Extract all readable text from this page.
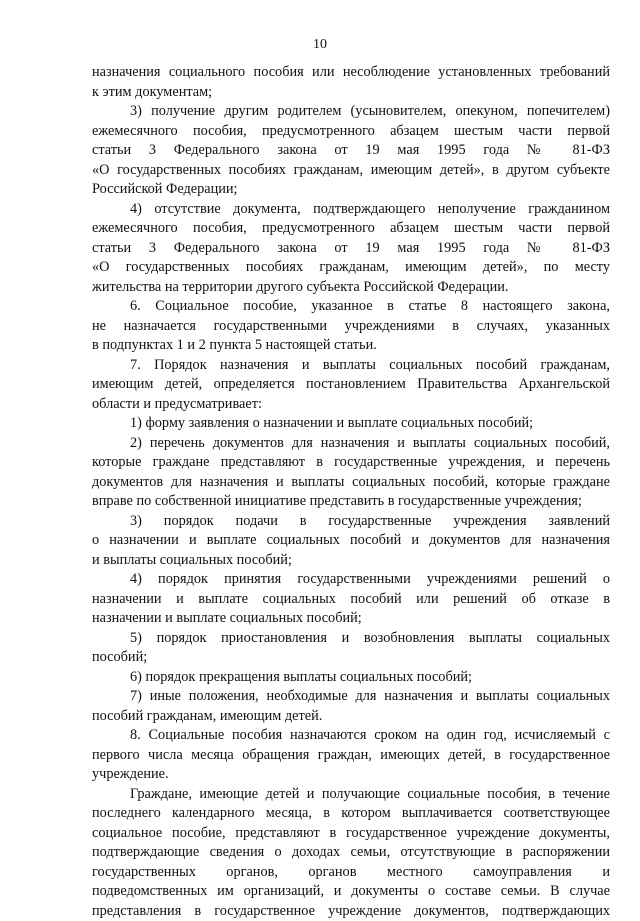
10
назначения социального пособия или несоблюдение установленных требований
к этим документам;
3) получение другим родителем (усыновителем, опекуном, попечителем)
ежемесячного пособия, предусмотренного абзацем шестым части первой
статьи 3 Федерального закона от 19 мая 1995 года № 81-ФЗ
«О государственных пособиях гражданам, имеющим детей», в другом субъекте
Российской Федерации;
4) отсутствие документа, подтверждающего неполучение гражданином
ежемесячного пособия, предусмотренного абзацем шестым части первой
статьи 3 Федерального закона от 19 мая 1995 года № 81-ФЗ
«О государственных пособиях гражданам, имеющим детей», по месту
жительства на территории другого субъекта Российской Федерации.
6. Социальное пособие, указанное в статье 8 настоящего закона,
не назначается государственными учреждениями в случаях, указанных
в подпунктах 1 и 2 пункта 5 настоящей статьи.
7. Порядок назначения и выплаты социальных пособий гражданам,
имеющим детей, определяется постановлением Правительства Архангельской
области и предусматривает:
1) форму заявления о назначении и выплате социальных пособий;
2) перечень документов для назначения и выплаты социальных пособий,
которые граждане представляют в государственные учреждения, и перечень
документов для назначения и выплаты социальных пособий, которые граждане
вправе по собственной инициативе представить в государственные учреждения;
3) порядок подачи в государственные учреждения заявлений
о назначении и выплате социальных пособий и документов для назначения
и выплаты социальных пособий;
4) порядок принятия государственными учреждениями решений о
назначении и выплате социальных пособий или решений об отказе в
назначении и выплате социальных пособий;
5) порядок приостановления и возобновления выплаты социальных
пособий;
6) порядок прекращения выплаты социальных пособий;
7) иные положения, необходимые для назначения и выплаты социальных
пособий гражданам, имеющим детей.
8. Социальные пособия назначаются сроком на один год, исчисляемый с
первого числа месяца обращения граждан, имеющих детей, в государственное
учреждение.
Граждане, имеющие детей и получающие социальные пособия, в течение
последнего календарного месяца, в котором выплачивается соответствующее
социальное пособие, представляют в государственное учреждение документы,
подтверждающие сведения о доходах семьи, отсутствующие в распоряжении
государственных органов, органов местного самоуправления и
подведомственных им организаций, и документы о составе семьи. В случае
представления в государственное учреждение документов, подтверждающих
